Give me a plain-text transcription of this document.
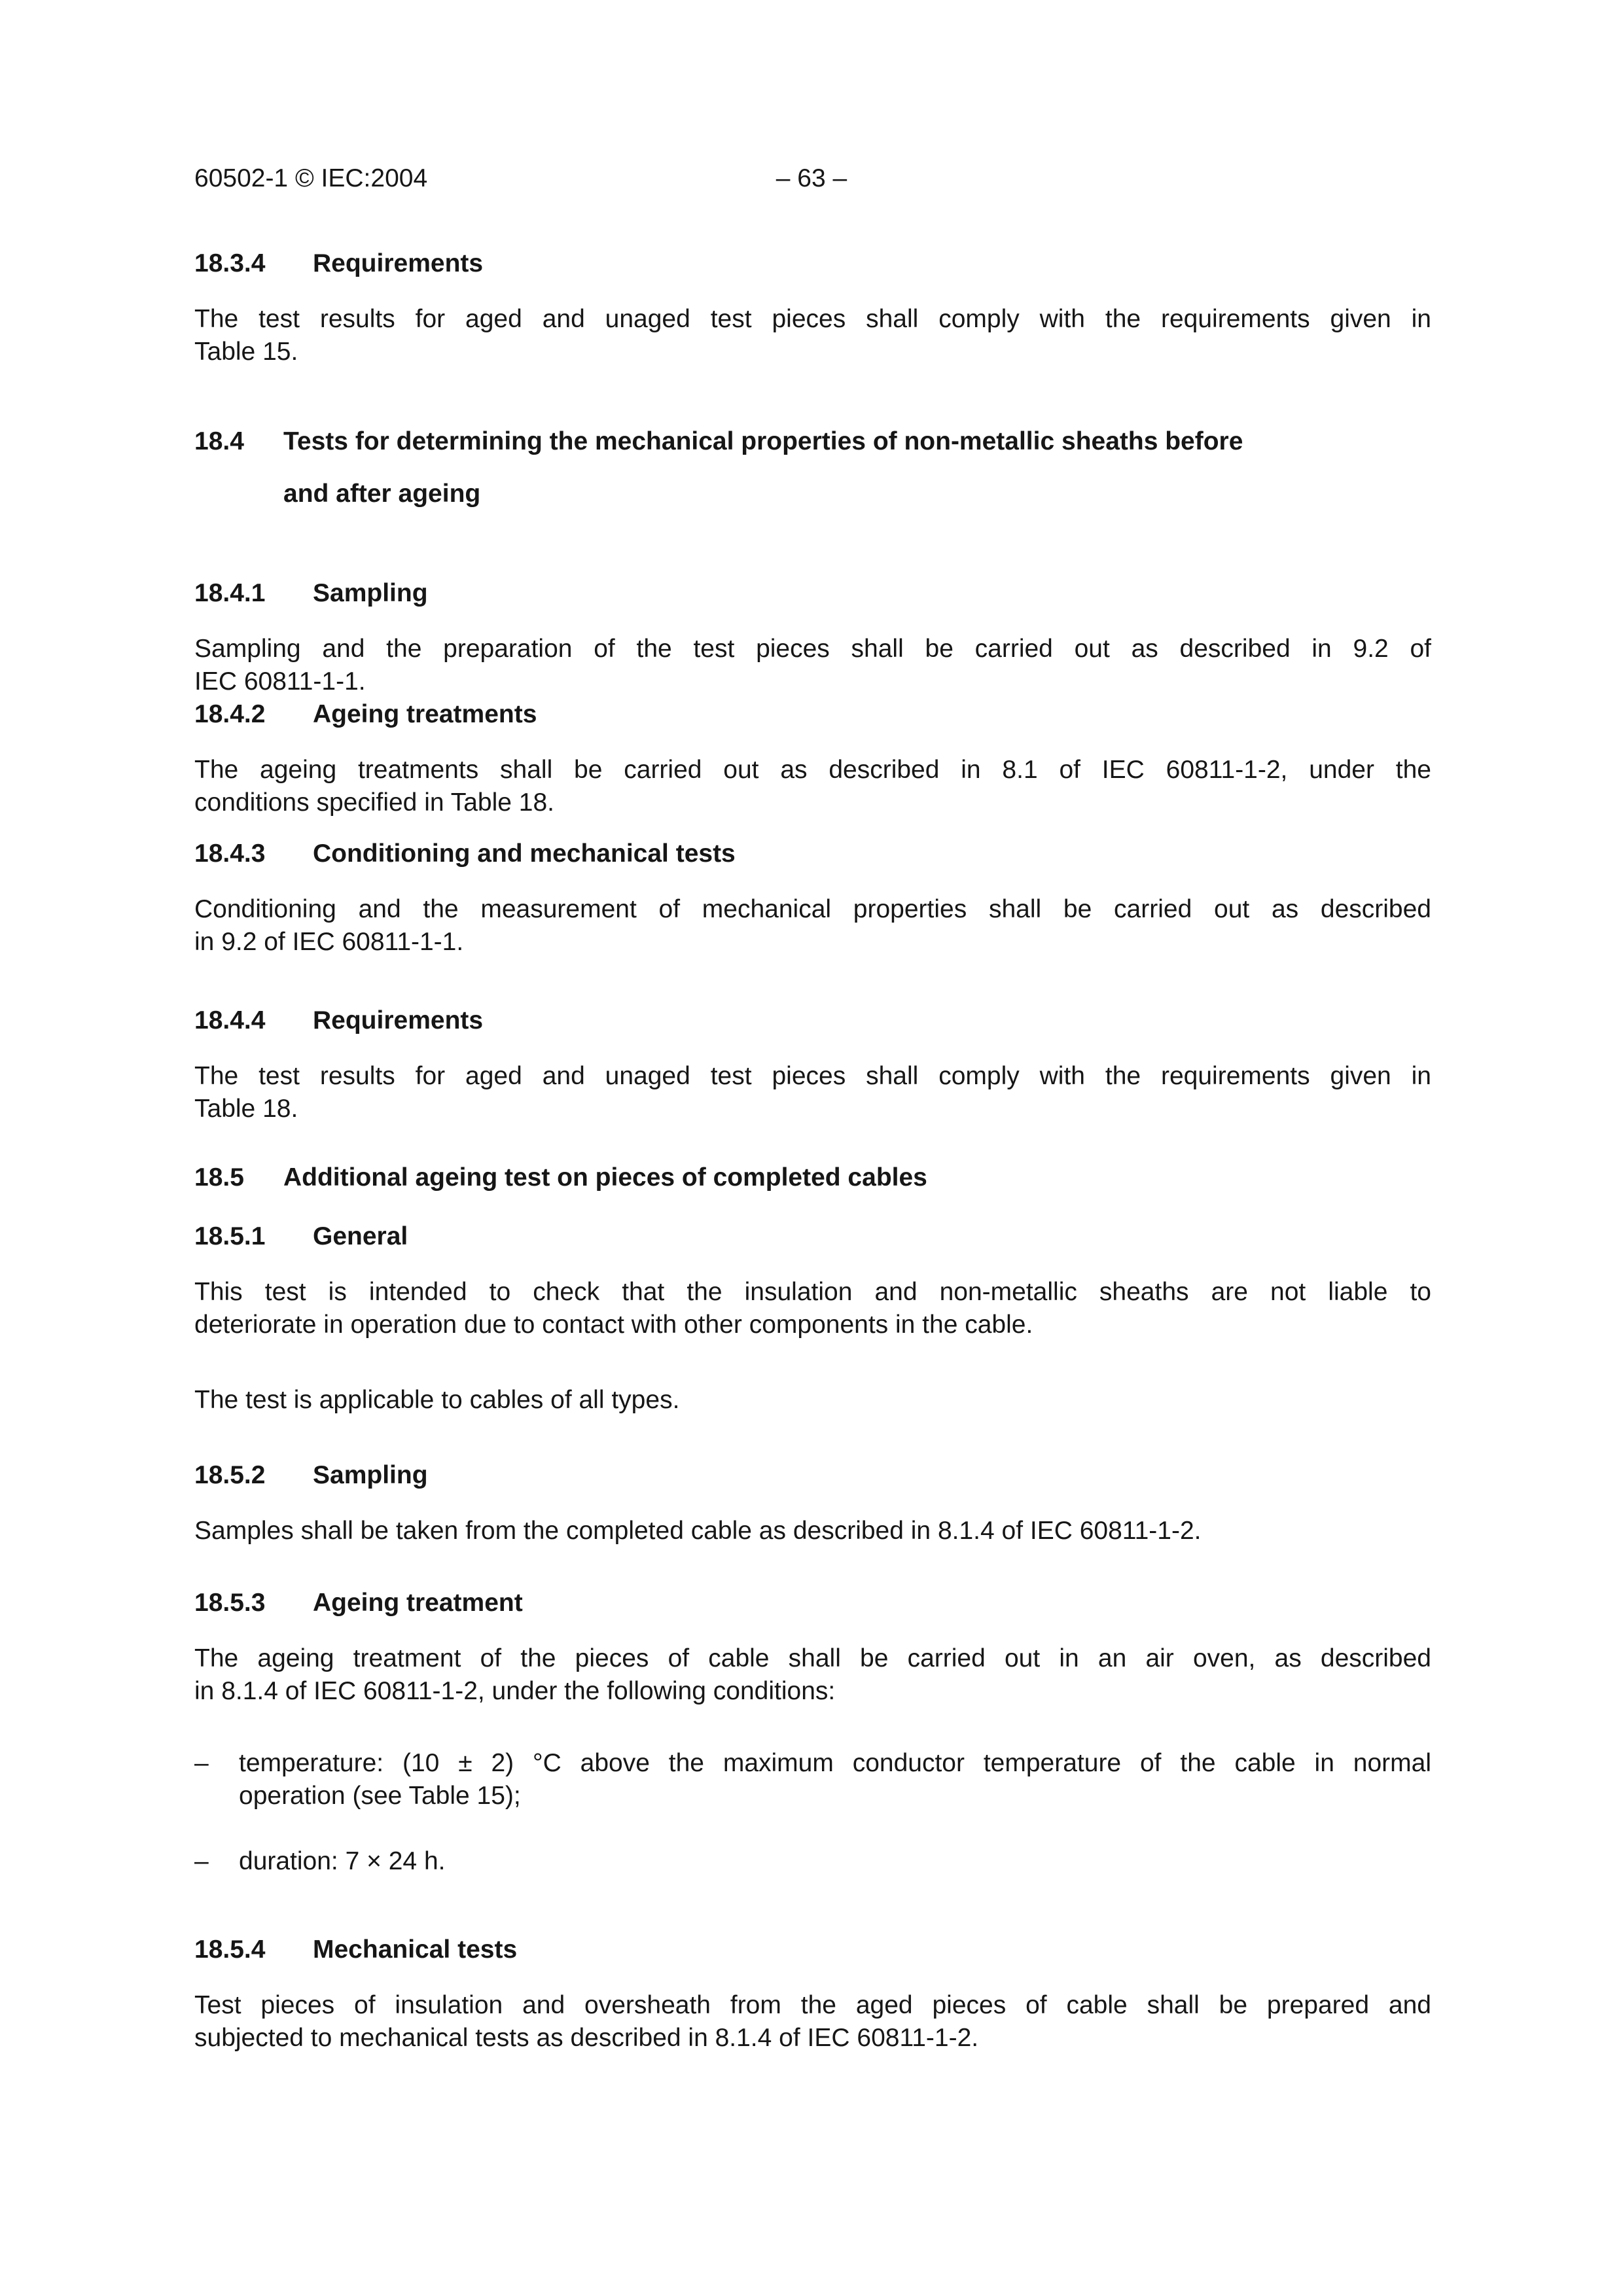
60502-1 © IEC:2004	– 63 –
18.3.4	Requirements
The test results for aged and unaged test pieces shall comply with the requirements given in
Table 15.
18.4	Tests for determining the mechanical properties of non-metallic sheaths before
and after ageing
18.4.1	Sampling
Sampling and the preparation of the test pieces shall be carried out as described in 9.2 of
IEC 60811-1-1.
18.4.2	Ageing treatments
The ageing treatments shall be carried out as described in 8.1 of IEC 60811-1-2, under the
conditions specified in Table 18.
18.4.3	Conditioning and mechanical tests
Conditioning and the measurement of mechanical properties shall be carried out as described
in 9.2 of IEC 60811-1-1.
18.4.4	Requirements
The test results for aged and unaged test pieces shall comply with the requirements given in
Table 18.
18.5	Additional ageing test on pieces of completed cables
18.5.1	General
This test is intended to check that the insulation and non-metallic sheaths are not liable to
deteriorate in operation due to contact with other components in the cable.
The test is applicable to cables of all types.
18.5.2	Sampling
Samples shall be taken from the completed cable as described in 8.1.4 of IEC 60811-1-2.
18.5.3	Ageing treatment
The ageing treatment of the pieces of cable shall be carried out in an air oven, as described
in 8.1.4 of IEC 60811-1-2, under the following conditions:
–	temperature: (10 ± 2) °C above the maximum conductor temperature of the cable in normal
operation (see Table 15);
–	duration: 7 × 24 h.
18.5.4	Mechanical tests
Test pieces of insulation and oversheath from the aged pieces of cable shall be prepared and
subjected to mechanical tests as described in 8.1.4 of IEC 60811-1-2.
